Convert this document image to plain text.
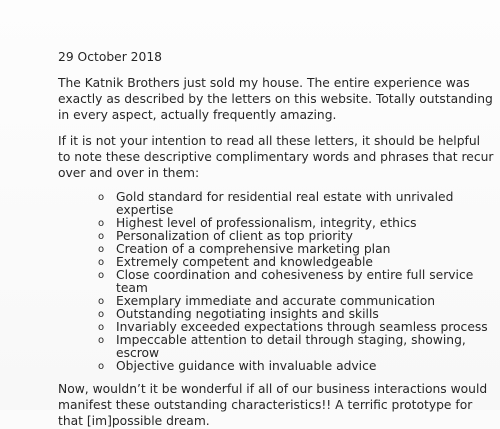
29 October 2018
The Katnik Brothers just sold my house. The entire experience was exactly as described by the letters on this website. Totally outstanding in every aspect, actually frequently amazing.
If it is not your intention to read all these letters, it should be helpful to note these descriptive complimentary words and phrases that recur over and over in them:
o Gold standard for residential real estate with unrivaled expertise
o Highest level of professionalism, integrity, ethics
o Personalization of client as top priority
o Creation of a comprehensive marketing plan
o Extremely competent and knowledgeable
o Close coordination and cohesiveness by entire full service team
o Exemplary immediate and accurate communication
o Outstanding negotiating insights and skills
o Invariably exceeded expectations through seamless process
o Impeccable attention to detail through staging, showing, escrow
o Objective guidance with invaluable advice
Now, wouldn’t it be wonderful if all of our business interactions would manifest these outstanding characteristics!! A terrific prototype for that [im]possible dream.
